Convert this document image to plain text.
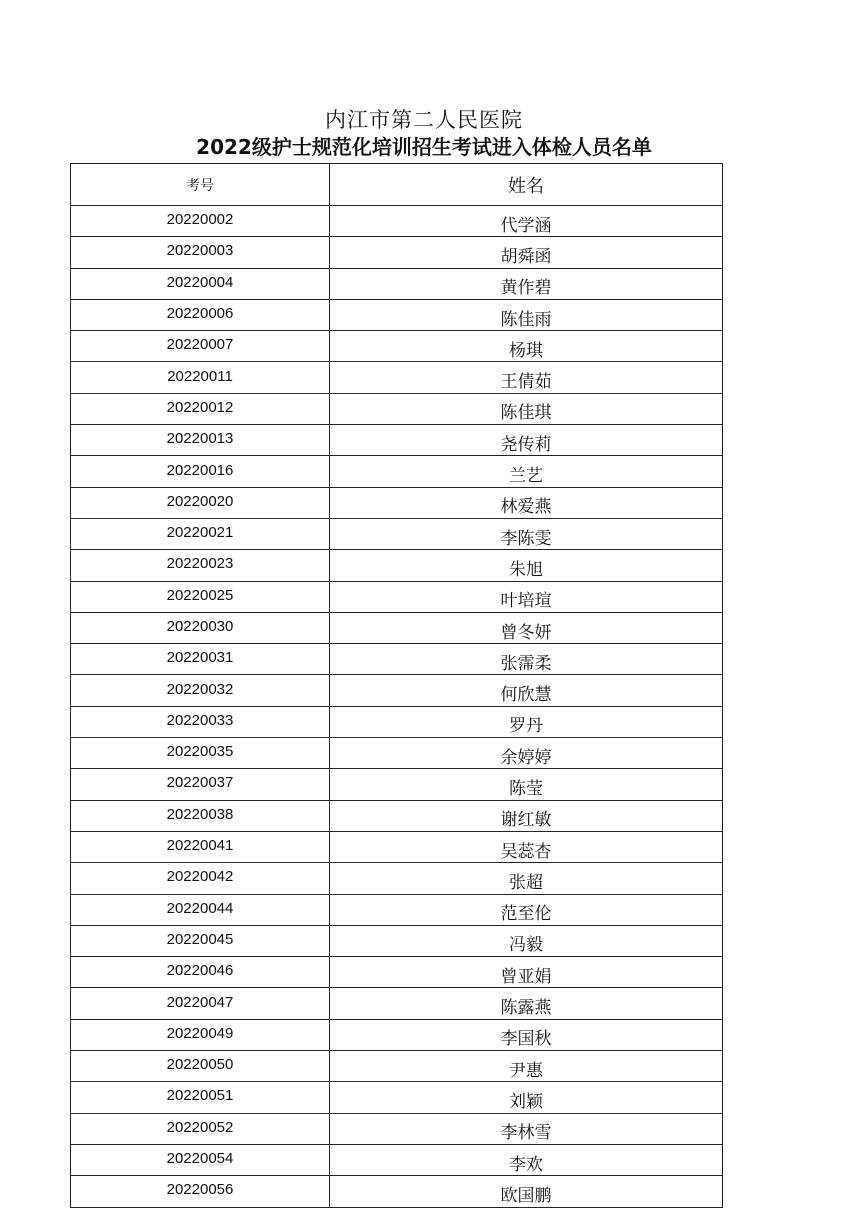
内江市第二人民医院
2022级护士规范化培训招生考试进入体检人员名单
考号	姓名
20220002	代学涵
20220003	胡舜函
20220004	黄作碧
20220006	陈佳雨
20220007	杨琪
20220011	王倩茹
20220012	陈佳琪
20220013	尧传莉
20220016	兰艺
20220020	林爱燕
20220021	李陈雯
20220023	朱旭
20220025	叶培瑄
20220030	曾冬妍
20220031	张霈柔
20220032	何欣慧
20220033	罗丹
20220035	余婷婷
20220037	陈莹
20220038	谢红敏
20220041	吴蕊杏
20220042	张超
20220044	范至伦
20220045	冯毅
20220046	曾亚娟
20220047	陈露燕
20220049	李国秋
20220050	尹惠
20220051	刘颖
20220052	李林雪
20220054	李欢
20220056	欧国鹏
